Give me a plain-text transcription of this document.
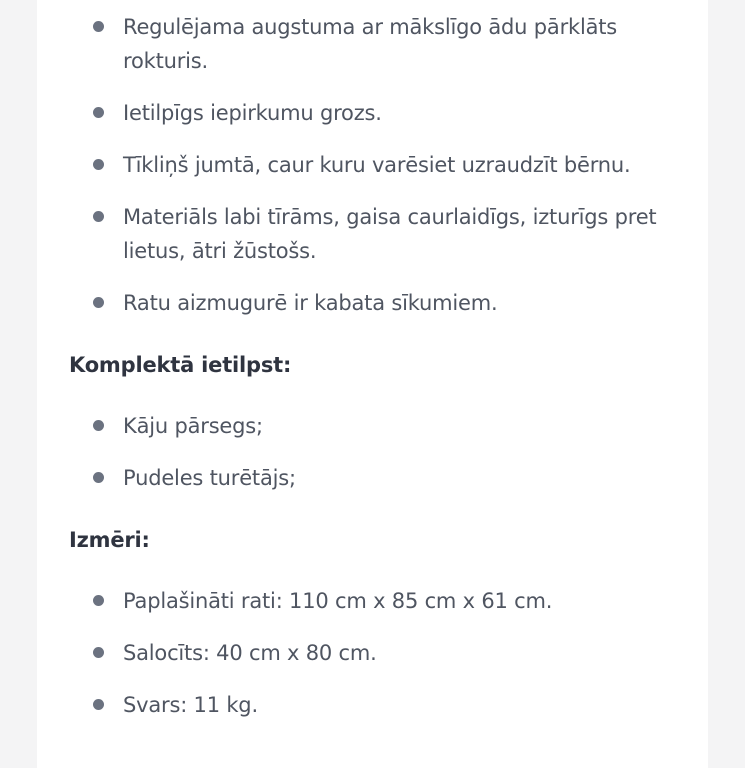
Regulējama augstuma ar mākslīgo ādu pārklāts rokturis.
Ietilpīgs iepirkumu grozs.
Tīkliņš jumtā, caur kuru varēsiet uzraudzīt bērnu.
Materiāls labi tīrāms, gaisa caurlaidīgs, izturīgs pret lietus, ātri žūstošs.
Ratu aizmugurē ir kabata sīkumiem.

Komplektā ietilpst:

Kāju pārsegs;
Pudeles turētājs;

Izmēri:

Paplašināti rati: 110 cm x 85 cm x 61 cm.
Salocīts: 40 cm x 80 cm.
Svars: 11 kg.
